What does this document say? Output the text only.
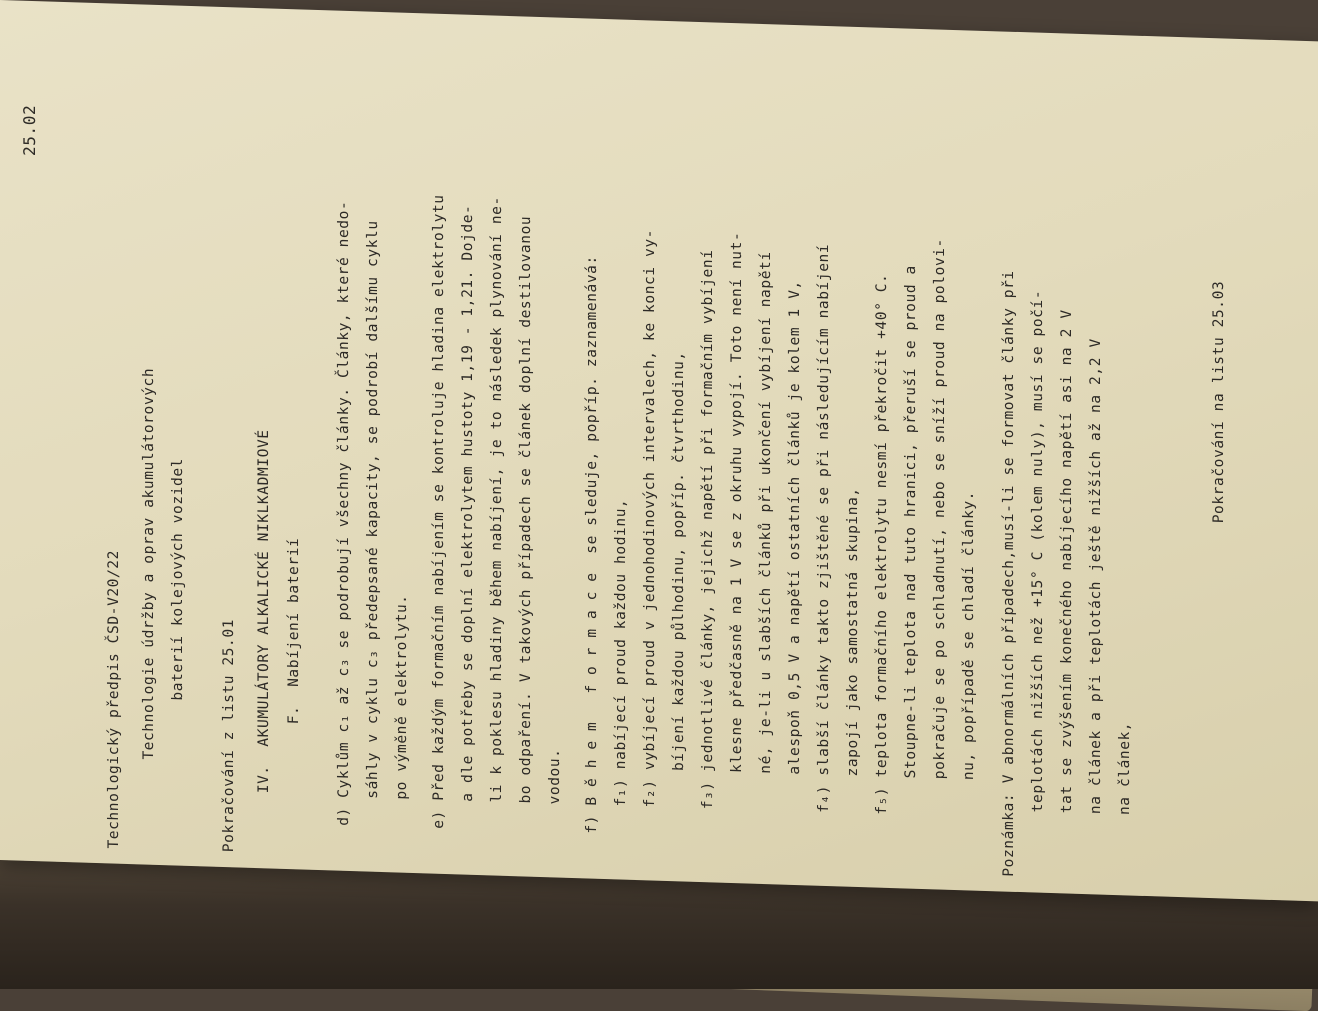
Technologický předpis ČSD-V20/22
25.02
Technologie údržby a oprav akumulátorových baterií kolejových vozidel
Pokračování z listu 25.01	IV.  AKUMULÁTORY ALKALICKÉ NIKLKADMIOVÉ F.  Nabíjení baterií	d) Cyklům c₁ až c₃ se podrobují všechny články. Články, které nedo- sáhly v cyklu c₃ předepsané kapacity, se podrobí dalšímu cyklu po výměně elektrolytu.	e) Před každým formačním nabíjením se kontroluje hladina elektrolytu a dle potřeby se doplní elektrolytem hustoty 1,19 - 1,21. Dojde- li k poklesu hladiny během nabíjení, je to následek plynování ne- bo odpaření. V takových případech se článek doplní destilovanou vodou.	f) B ě h e m   f o r m a c e  se sleduje, popříp. zaznamenává: f₁) nabíjecí proud každou hodinu, f₂) vybíjecí proud v jednohodinových intervalech, ke konci vy- bíjení každou půlhodinu, popříp. čtvrthodinu, f₃) jednotlivé články, jejichž napětí při formačním vybíjení klesne předčasně na 1 V se z okruhu vypojí. Toto není nut- né, je-li u slabších článků při ukončení vybíjení napětí alespoň 0,5 V a napětí ostatních článků je kolem 1 V, f₄) slabší články takto zjištěné se při následujícím nabíjení zapojí jako samostatná skupina, f₅) teplota formačního elektrolytu nesmí překročit +40° C. Stoupne-li teplota nad tuto hranici, přeruší se proud a pokračuje se po schladnutí, nebo se sníží proud na polovi- nu, popřípadě se chladí články.	Poznámka: V abnormálních případech,musí-li se formovat články při teplotách nižších než +15° C (kolem nuly), musí se počí- tat se zvýšením konečného nabíjecího napětí asi na 2 V na článek a při teplotách ještě nižších až na 2,2 V na článek,
Pokračování na listu 25.03
